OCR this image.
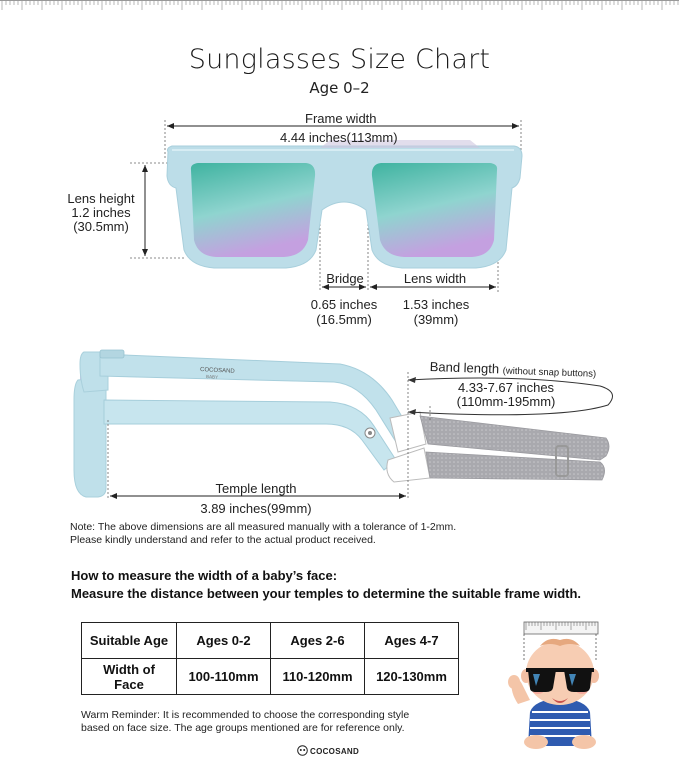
Sunglasses Size Chart
Age 0–2
COCOSAND
BABY
Frame width
4.44 inches(113mm)
Lens height
1.2 inches
(30.5mm)
Bridge
0.65 inches
(16.5mm)
Lens width
1.53 inches
(39mm)
Band length (without snap buttons)
4.33-7.67 inches
(110mm-195mm)
Temple length
3.89 inches(99mm)
Note: The above dimensions are all measured manually with a tolerance of 1-2mm.
Please kindly understand and refer to the actual product received.
How to measure the width of a baby’s face:
Measure the distance between your temples to determine the suitable frame width.
Suitable Age	Ages 0-2	Ages 2-6	Ages 4-7
Width of Face	100-110mm	110-120mm	120-130mm
Warm Reminder: It is recommended to choose the corresponding style
based on face size. The age groups mentioned are for reference only.
COCOSAND
